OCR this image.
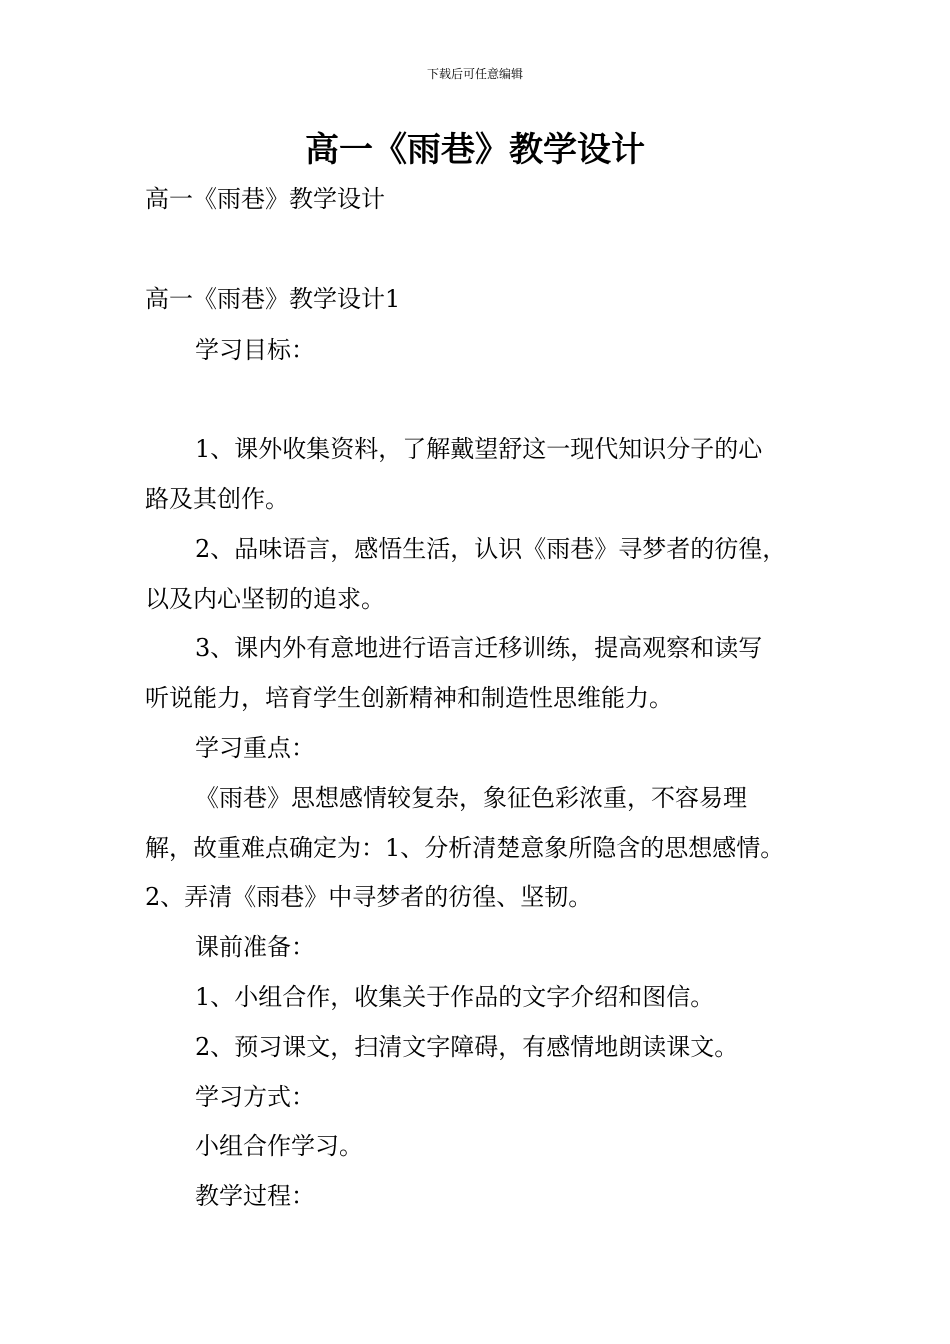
下载后可任意编辑
高一《雨巷》教学设计
高一《雨巷》教学设计
高一《雨巷》教学设计1
学习目标：
1、课外收集资料，了解戴望舒这一现代知识分子的心
路及其创作。
2、品味语言，感悟生活，认识《雨巷》寻梦者的彷徨，
以及内心坚韧的追求。
3、课内外有意地进行语言迁移训练，提高观察和读写
听说能力，培育学生创新精神和制造性思维能力。
学习重点：
《雨巷》思想感情较复杂，象征色彩浓重，不容易理
解，故重难点确定为：1、分析清楚意象所隐含的思想感情。
2、弄清《雨巷》中寻梦者的彷徨、坚韧。
课前准备：
1、小组合作，收集关于作品的文字介绍和图信。
2、预习课文，扫清文字障碍，有感情地朗读课文。
学习方式：
小组合作学习。
教学过程：
